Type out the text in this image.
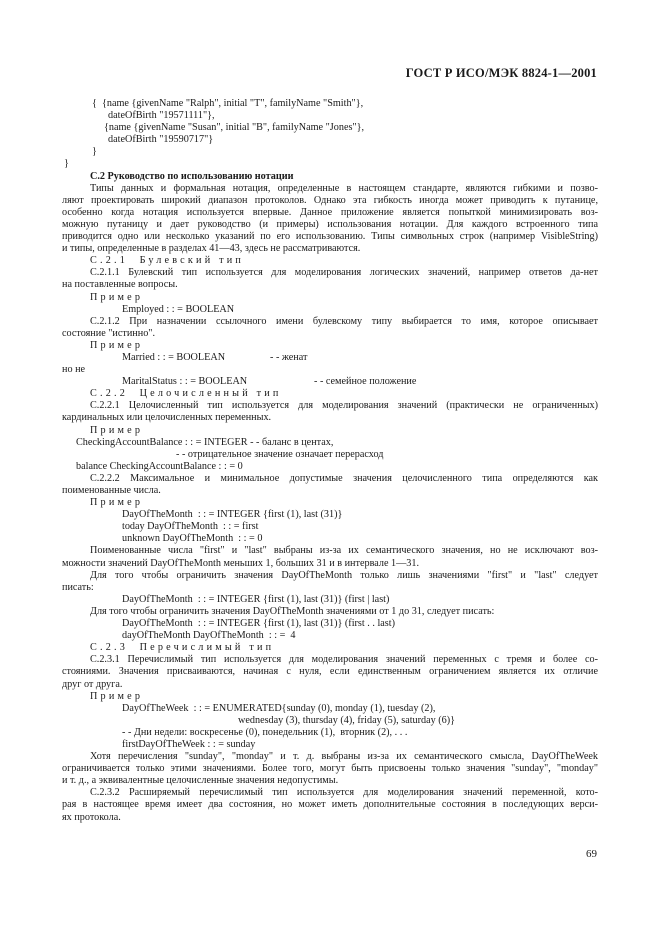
ГОСТ Р ИСО/МЭК 8824-1—2001
{  {name {givenName "Ralph", initial "T", familyName "Smith"},
dateOfBirth "19571111"},
{name {givenName "Susan", initial "B", familyName "Jones"},
dateOfBirth "19590717"}
}
}
С.2 Руководство по использованию нотации
Типы данных и формальная нотация, определенные в настоящем стандарте, являются гибкими и позво-
ляют проектировать широкий диапазон протоколов. Однако эта гибкость иногда может приводить к путанице,
особенно когда нотация используется впервые. Данное приложение является попыткой минимизировать воз-
можную путаницу и дает руководство (и примеры) использования нотации. Для каждого встроенного типа
приводится одно или несколько указаний по его использованию. Типы символьных строк (например VisibleString)
и типы, определенные в разделах 41—43, здесь не рассматриваются.
С.2.1  Булевский тип
С.2.1.1 Булевский тип используется для моделирования логических значений, например ответов да-нет
на поставленные вопросы.
Пример
Employed : : = BOOLEAN
С.2.1.2 При назначении ссылочного имени булевскому типу выбирается то имя, которое описывает
состояние "истинно".
Пример
Married : : = BOOLEAN	- - женат
но не
MaritalStatus : : = BOOLEAN	- - семейное положение
С.2.2  Целочисленный тип
С.2.2.1 Целочисленный тип используется для моделирования значений (практически не ограниченных)
кардинальных или целочисленных переменных.
Пример
CheckingAccountBalance : : = INTEGER - - баланс в центах,
- - отрицательное значение означает перерасход
balance CheckingAccountBalance : : = 0
С.2.2.2 Максимальное и минимальное допустимые значения целочисленного типа определяются как
поименованные числа.
Пример
DayOfTheMonth  : : = INTEGER {first (1), last (31)}
today DayOfTheMonth  : : = first
unknown DayOfTheMonth  : : = 0
Поименованные числа "first" и "last" выбраны из-за их семантического значения, но не исключают воз-
можности значений DayOfTheMonth меньших 1, больших 31 и в интервале 1—31.
Для того чтобы ограничить значения DayOfTheMonth только лишь значениями "first" и "last" следует
писать:
DayOfTheMonth  : : = INTEGER {first (1), last (31)} (first | last)
Для того чтобы ограничить значения DayOfTheMonth значениями от 1 до 31, следует писать:
DayOfTheMonth  : : = INTEGER {first (1), last (31)} (first . . last)
dayOfTheMonth DayOfTheMonth  : : =  4
С.2.3  Перечислимый тип
С.2.3.1 Перечислимый тип используется для моделирования значений переменных с тремя и более со-
стояниями. Значения присваиваются, начиная с нуля, если единственным ограничением является их отличие
друг от друга.
Пример
DayOfTheWeek  : : = ENUMERATED{sunday (0), monday (1), tuesday (2),
wednesday (3), thursday (4), friday (5), saturday (6)}
- - Дни недели: воскресенье (0), понедельник (1),  вторник (2), . . .
firstDayOfTheWeek : : = sunday
Хотя перечисления "sunday", "monday" и т. д. выбраны из-за их семантического смысла, DayOfTheWeek
ограничивается только этими значениями. Более того, могут быть присвоены только значения "sunday", "monday"
и т. д., а эквивалентные целочисленные значения недопустимы.
С.2.3.2 Расширяемый перечислимый тип используется для моделирования значений переменной, кото-
рая в настоящее время имеет два состояния, но может иметь дополнительные состояния в последующих верси-
ях протокола.
69
